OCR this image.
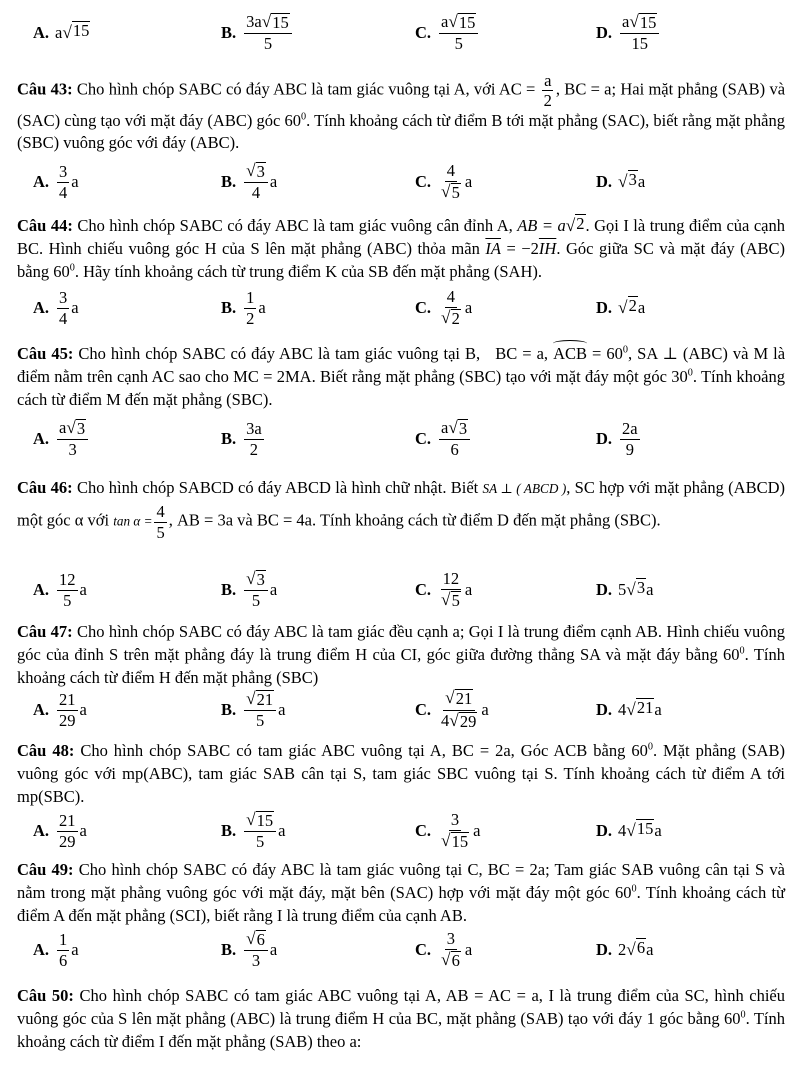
A. a √ 15	B. $\frac{3a √ 15}{5}$	C. $\frac{a √ 15}{5}$	D. $\frac{a √ 15}{15}$
Câu 43: Cho hình chóp SABC có đáy ABC là tam giác vuông tại A, với AC = $\frac{a}{2}$ , BC = a; Hai mặt phẳng (SAB) và (SAC) cùng tạo với mặt đáy (ABC) góc $60^0$. Tính khoảng cách từ điểm B tới mặt phẳng (SAC), biết rằng mặt phẳng (SBC) vuông góc với đáy (ABC).
A. $\frac{3}{4}$ a	B. $\frac{√ 3}{4}$ a	C. $\frac{4}{√ 5}$ a	D. √ 3 a
Câu 44: Cho hình chóp SABC có đáy ABC là tam giác vuông cân đỉnh A, AB = a √ 2 . Gọi I là trung điểm của cạnh BC. Hình chiếu vuông góc H của S lên mặt phẳng (ABC) thỏa mãn $\overline{IA} = -2\overline{IH}$. Góc giữa SC và mặt đáy (ABC) bằng $60^0$. Hãy tính khoảng cách từ trung điểm K của SB đến mặt phẳng (SAH).
A. $\frac{3}{4}$ a	B. $\frac{1}{2}$ a	C. $\frac{4}{√ 2}$ a	D. √ 2 a
Câu 45: Cho hình chóp SABC có đáy ABC là tam giác vuông tại B, BC = a, ACB = $60^0$, SA ⊥ (ABC) và M là điểm nằm trên cạnh AC sao cho MC = 2MA. Biết rằng mặt phẳng (SBC) tạo với mặt đáy một góc $30^0$. Tính khoảng cách từ điểm M đến mặt phẳng (SBC).
A. $\frac{a √ 3}{3}$	B. $\frac{3a}{2}$	C. $\frac{a √ 3}{6}$	D. $\frac{2a}{9}$
Câu 46: Cho hình chóp SABCD có đáy ABCD là hình chữ nhật. Biết SA ⊥ ( ABCD ), SC hợp với mặt phẳng (ABCD) một góc α với $\tan \alpha = \frac{4}{5}$ , AB = 3a và BC = 4a. Tính khoảng cách từ điểm D đến mặt phẳng (SBC).
A. $\frac{12}{5}$ a	B. $\frac{√ 3}{5}$ a	C. $\frac{12}{√ 5}$ a	D. 5 √ 3 a
Câu 47: Cho hình chóp SABC có đáy ABC là tam giác đều cạnh a; Gọi I là trung điểm cạnh AB. Hình chiếu vuông góc của đỉnh S trên mặt phẳng đáy là trung điểm H của CI, góc giữa đường thẳng SA và mặt đáy bằng $60^0$. Tính khoảng cách từ điểm H đến mặt phẳng (SBC)
A. $\frac{21}{29}$ a	B. $\frac{√ 21}{5}$ a	C. $\frac{√ 21}{4 √ 29}$ a	D. 4 √ 21 a
Câu 48: Cho hình chóp SABC có tam giác ABC vuông tại A, BC = 2a, Góc ACB bằng $60^0$. Mặt phẳng (SAB) vuông góc với mp(ABC), tam giác SAB cân tại S, tam giác SBC vuông tại S. Tính khoảng cách từ điểm A tới mp(SBC).
A. $\frac{21}{29}$ a	B. $\frac{√ 15}{5}$ a	C. $\frac{3}{√ 15}$ a	D. 4 √ 15 a
Câu 49: Cho hình chóp SABC có đáy ABC là tam giác vuông tại C, BC = 2a; Tam giác SAB vuông cân tại S và nằm trong mặt phẳng vuông góc với mặt đáy, mặt bên (SAC) hợp với mặt đáy một góc $60^0$. Tính khoảng cách từ điểm A đến mặt phẳng (SCI), biết rằng I là trung điểm của cạnh AB.
A. $\frac{1}{6}$ a	B. $\frac{√ 6}{3}$ a	C. $\frac{3}{√ 6}$ a	D. 2 √ 6 a
Câu 50: Cho hình chóp SABC có tam giác ABC vuông tại A, AB = AC = a, I là trung điểm của SC, hình chiếu vuông góc của S lên mặt phẳng (ABC) là trung điểm H của BC, mặt phẳng (SAB) tạo với đáy 1 góc bằng $60^0$. Tính khoảng cách từ điểm I đến mặt phẳng (SAB) theo a:
